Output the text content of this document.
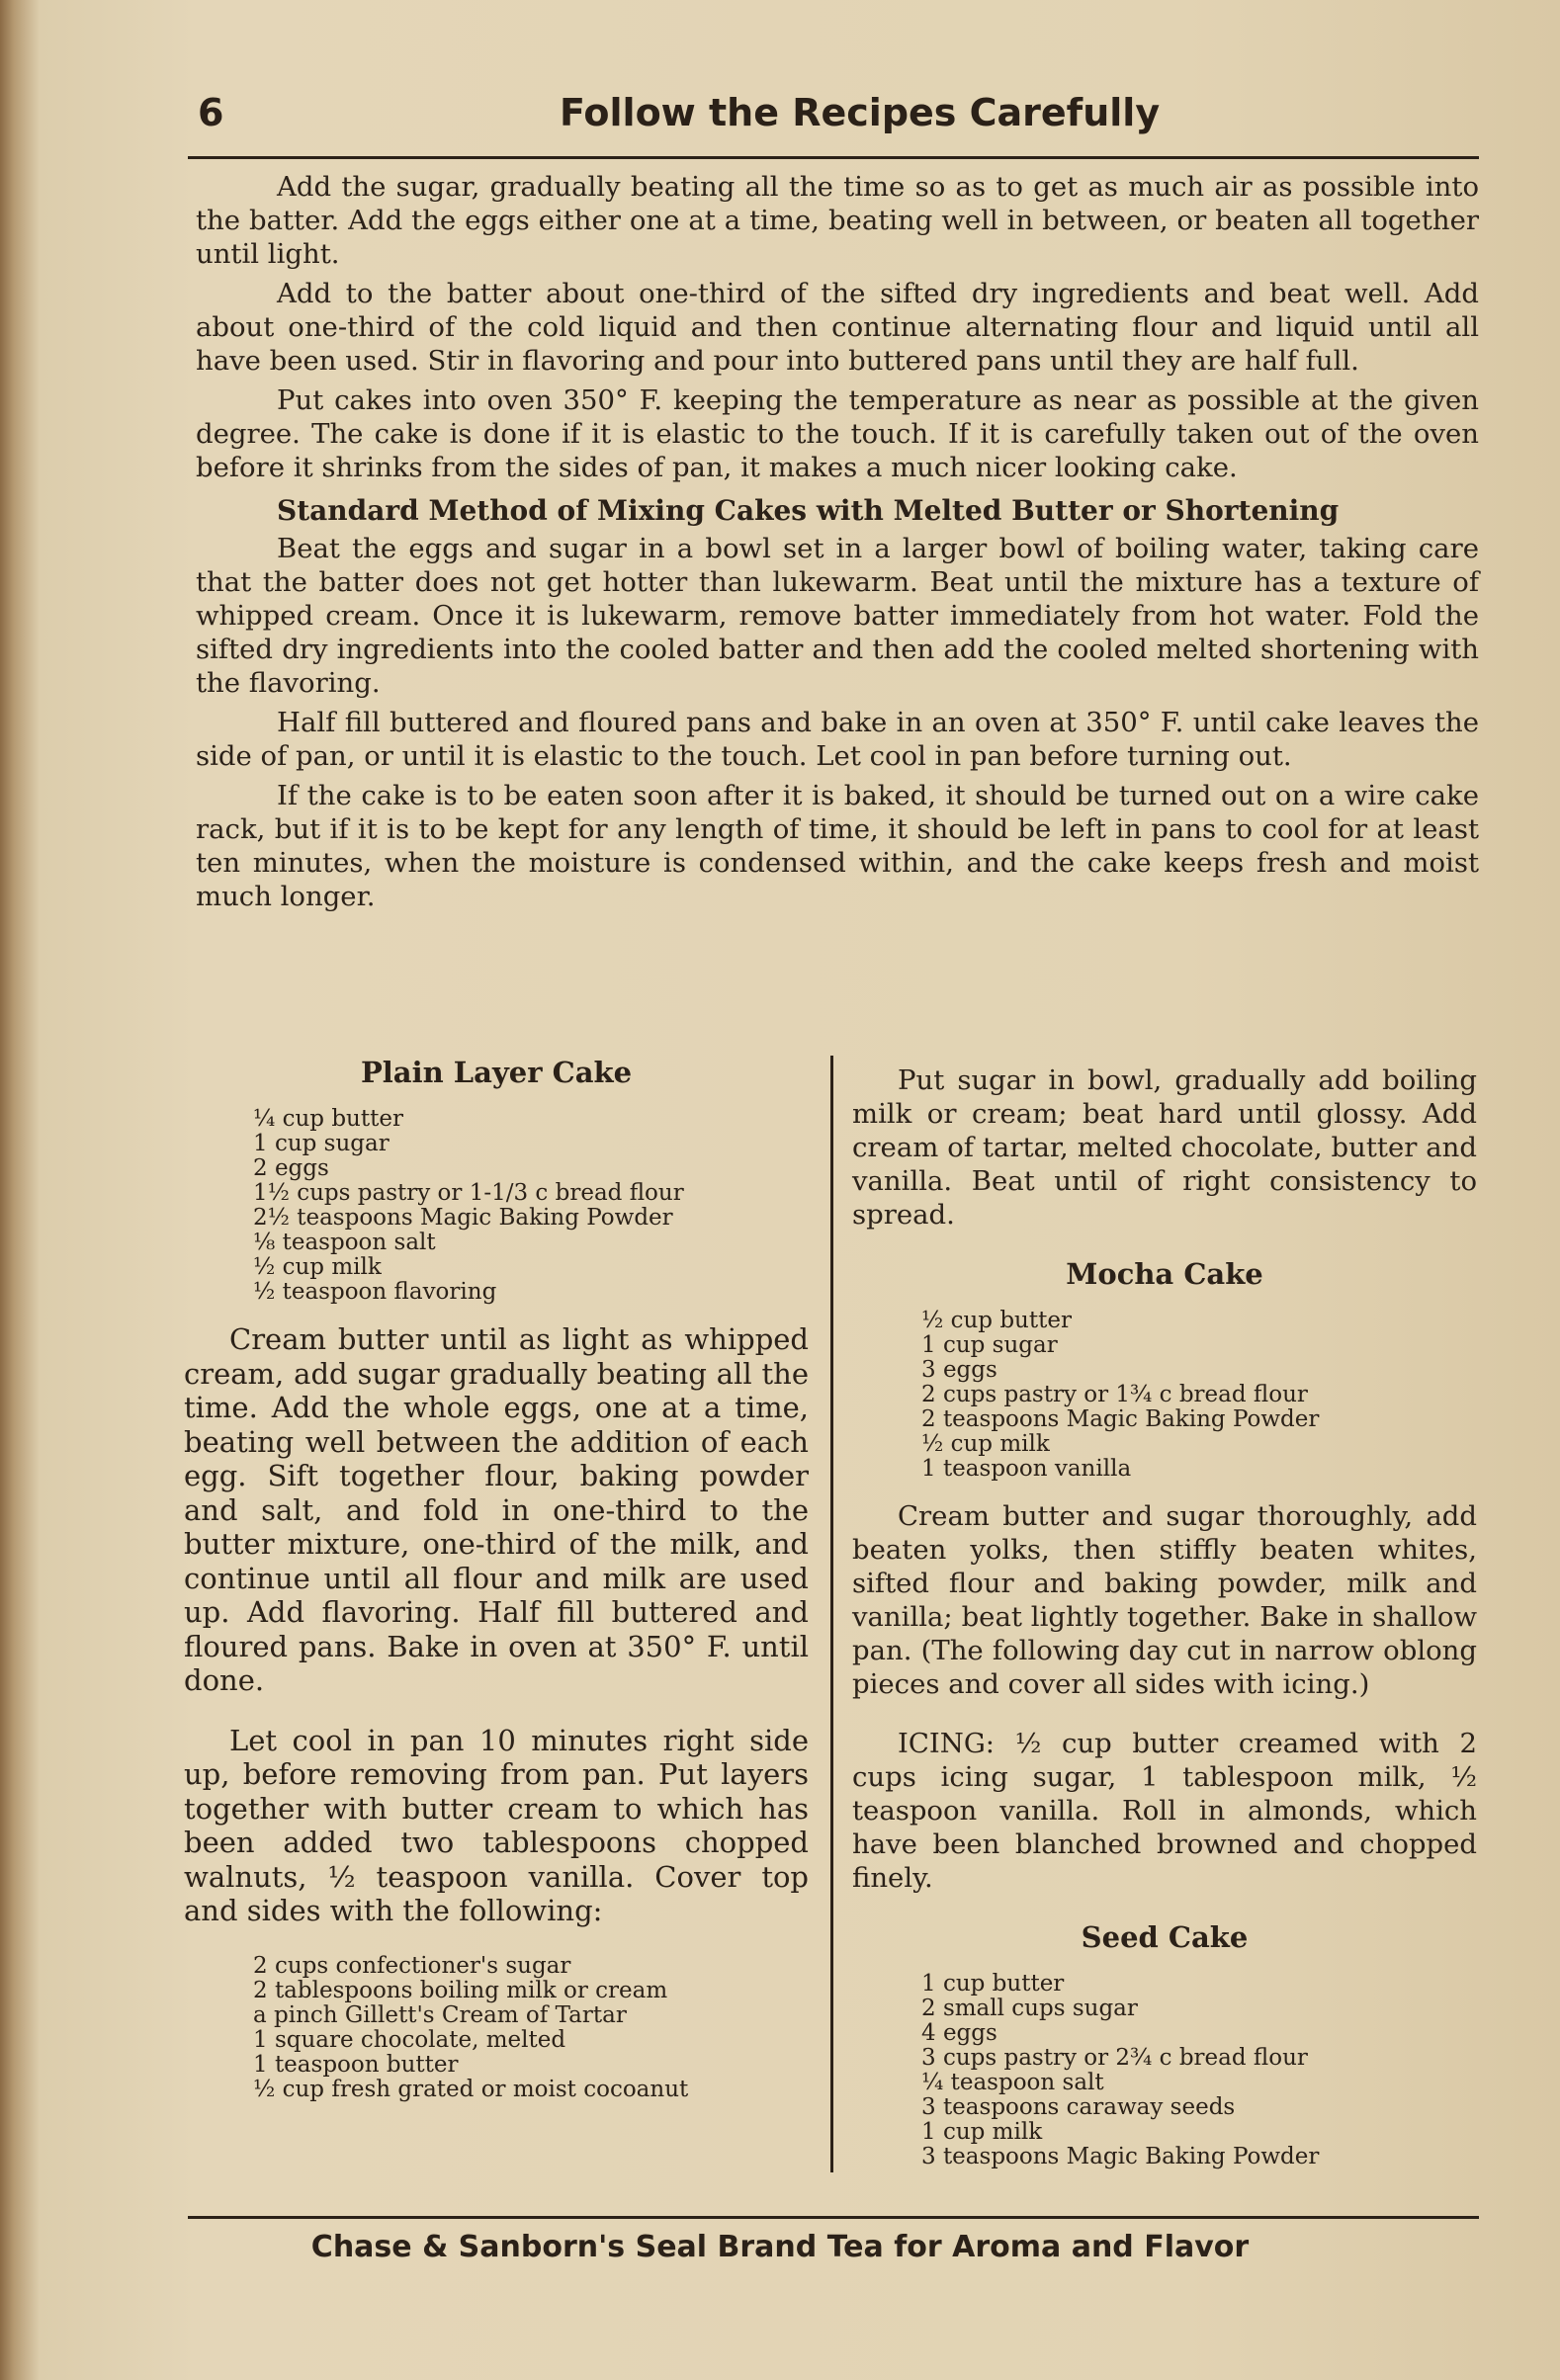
6	Follow the Recipes Carefully

Add the sugar, gradually beating all the time so as to get as much air as possible into the batter. Add the eggs either one at a time, beating well in between, or beaten all together until light.

Add to the batter about one-third of the sifted dry ingredients and beat well. Add about one-third of the cold liquid and then continue alternating flour and liquid until all have been used. Stir in flavoring and pour into buttered pans until they are half full.

Put cakes into oven 350° F. keeping the temperature as near as possible at the given degree. The cake is done if it is elastic to the touch. If it is carefully taken out of the oven before it shrinks from the sides of pan, it makes a much nicer looking cake.

Standard Method of Mixing Cakes with Melted Butter or Shortening

Beat the eggs and sugar in a bowl set in a larger bowl of boiling water, taking care that the batter does not get hotter than lukewarm. Beat until the mixture has a texture of whipped cream. Once it is lukewarm, remove batter immediately from hot water. Fold the sifted dry ingredients into the cooled batter and then add the cooled melted shortening with the flavoring.

Half fill buttered and floured pans and bake in an oven at 350° F. until cake leaves the side of pan, or until it is elastic to the touch. Let cool in pan before turning out.

If the cake is to be eaten soon after it is baked, it should be turned out on a wire cake rack, but if it is to be kept for any length of time, it should be left in pans to cool for at least ten minutes, when the moisture is condensed within, and the cake keeps fresh and moist much longer.

Plain Layer Cake
¼ cup butter
1 cup sugar
2 eggs
1½ cups pastry or 1-1/3 c bread flour
2½ teaspoons Magic Baking Powder
⅛ teaspoon salt
½ cup milk
½ teaspoon flavoring

Cream butter until as light as whipped cream, add sugar gradually beating all the time. Add the whole eggs, one at a time, beating well between the addition of each egg. Sift together flour, baking powder and salt, and fold in one-third to the butter mixture, one-third of the milk, and continue until all flour and milk are used up. Add flavoring. Half fill buttered and floured pans. Bake in oven at 350° F. until done.

Let cool in pan 10 minutes right side up, before removing from pan. Put layers together with butter cream to which has been added two tablespoons chopped walnuts, ½ teaspoon vanilla. Cover top and sides with the following:

2 cups confectioner's sugar
2 tablespoons boiling milk or cream
a pinch Gillett's Cream of Tartar
1 square chocolate, melted
1 teaspoon butter
½ cup fresh grated or moist cocoanut

Put sugar in bowl, gradually add boiling milk or cream; beat hard until glossy. Add cream of tartar, melted chocolate, butter and vanilla. Beat until of right consistency to spread.

Mocha Cake
½ cup butter
1 cup sugar
3 eggs
2 cups pastry or 1¾ c bread flour
2 teaspoons Magic Baking Powder
½ cup milk
1 teaspoon vanilla

Cream butter and sugar thoroughly, add beaten yolks, then stiffly beaten whites, sifted flour and baking powder, milk and vanilla; beat lightly together. Bake in shallow pan. (The following day cut in narrow oblong pieces and cover all sides with icing.)

ICING: ½ cup butter creamed with 2 cups icing sugar, 1 tablespoon milk, ½ teaspoon vanilla. Roll in almonds, which have been blanched browned and chopped finely.

Seed Cake
1 cup butter
2 small cups sugar
4 eggs
3 cups pastry or 2¾ c bread flour
¼ teaspoon salt
3 teaspoons caraway seeds
1 cup milk
3 teaspoons Magic Baking Powder
Chase & Sanborn's Seal Brand Tea for Aroma and Flavor
